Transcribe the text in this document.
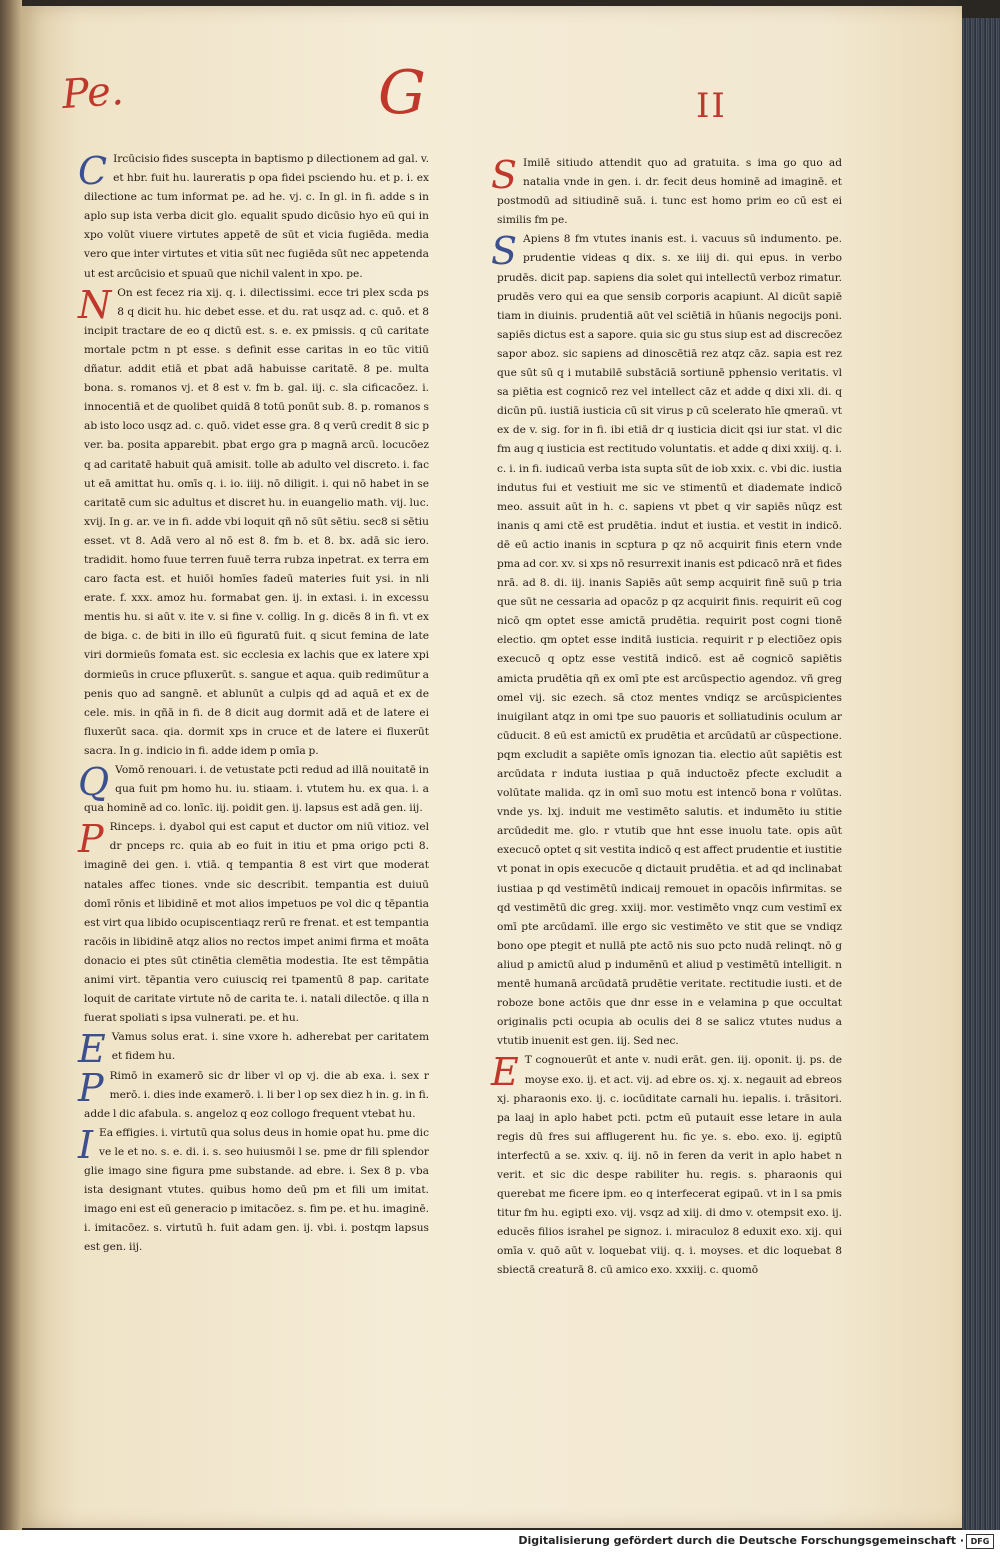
Pe.	G	II

C Ircūcisio fides suscepta in baptismo p dilectionem ad gal. v. et hbr. fuit hu. laureratis p opa fidei psciendo hu. et p. i. ex dilectione ac tum informat pe. ad he. vj. c. In gl. in fi. adde s in aplo sup ista verba dicit glo. equalit spudo dicūsio hyo eū qui in xpo volūt viuere virtutes appetē de sūt et vicia fugiēda. media vero que inter virtutes et vitia sūt nec fugiēda sūt nec appetenda ut est arcūcisio et spuaū que nichil valent in xpo. pe.

N On est fecez ria xij. q. i. dilectissimi. ecce tri plex scda ps 8 q dicit hu. hic debet esse. et du. rat usqz ad. c. quō. et 8 incipit tractare de eo q dictū est. s. e. ex pmissis. q cū caritate mortale pctm n pt esse. s definit esse caritas in eo tūc vitiū dñatur. addit etiā et pbat adā habuisse caritatē. 8 pe. multa bona. s. romanos vj. et 8 est v. fm b. gal. iij. c. sla cificacōez. i. innocentiā et de quolibet quidā 8 totū ponūt sub. 8. p. romanos s ab isto loco usqz ad. c. quō. videt esse gra. 8 q verū credit 8 sic p ver. ba. posita apparebit. pbat ergo gra p magnā arcū. locucōez q ad caritatē habuit quā amisit. tolle ab adulto vel discreto. i. fac ut eā amittat hu. omīs q. i. io. iiij. nō diligit. i. qui nō habet in se caritatē cum sic adultus et discret hu. in euangelio math. vij. luc. xvij. In g. ar. ve in fi. adde vbi loquit qñ nō sūt sētiu. sec8 si sētiu esset. vt 8. Adā vero al nō est 8. fm b. et 8. bx. adā sic iero. tradidit. homo fuue terren fuuē terra rubza inpetrat. ex terra em caro facta est. et huiōi homīes fadeū materies fuit ysi. in nli erate. f. xxx. amoz hu. formabat gen. ij. in extasi. i. in excessu mentis hu. si aūt v. ite v. si fine v. collig. In g. dicēs 8 in fi. vt ex de biga. c. de biti in illo eū figuratū fuit. q sicut femina de late viri dormieūs fomata est. sic ecclesia ex lachis que ex latere xpi dormieūs in cruce pfluxerūt. s. sangue et aqua. quib redimūtur a penis quo ad sangnē. et ablunūt a culpis qd ad aquā et ex de cele. mis. in qñā in fi. de 8 dicit aug dormit adā et de latere ei fluxerūt saca. qia. dormit xps in cruce et de latere ei fluxerūt sacra. In g. indicio in fi. adde idem p omīa p.

Q Vomō renouari. i. de vetustate pcti redud ad illā nouitatē in qua fuit pm homo hu. iu. stiaam. i. vtutem hu. ex qua. i. a qua hominē ad co. lonīc. iij. poidit gen. ij. lapsus est adā gen. iij.

P Rinceps. i. dyabol qui est caput et ductor om niū vitioz. vel dr pnceps rc. quia ab eo fuit in itiu et pma origo pcti 8. imaginē dei gen. i. vtiā. q tempantia 8 est virt que moderat natales affec tiones. vnde sic describit. tempantia est duiuū domī rōnis et libidinē et mot alios impetuos pe vol dic q tēpantia est virt qua libido ocupiscentiaqz rerū re frenat. et est tempantia racōis in libidinē atqz alios no rectos impet animi firma et moāta donacio ei ptes sūt ctinētia clemētia modestia. Ite est tēmpātia animi virt. tēpantia vero cuiusciq rei tpamentū 8 pap. caritate loquit de caritate virtute nō de carita te. i. natali dilectōe. q illa n fuerat spoliati s ipsa vulnerati. pe. et hu.

E Vamus solus erat. i. sine vxore h. adherebat per caritatem et fidem hu.

P Rimō in examerō sic dr liber vl op vj. die ab exa. i. sex r merō. i. dies inde examerō. i. li ber l op sex diez h in. g. in fi. adde l dic afabula. s. angeloz q eoz collogo frequent vtebat hu.

I Ea effigies. i. virtutū qua solus deus in homie opat hu. pme dic ve le et no. s. e. di. i. s. seo huiusmōi l se. pme dr fili splendor glie imago sine figura pme substande. ad ebre. i. Sex 8 p. vba ista designant vtutes. quibus homo deū pm et fili um imitat. imago eni est eū generacio p imitacōez. s. fim pe. et hu. imaginē. i. imitacōez. s. virtutū h. fuit adam gen. ij. vbi. i. postqm lapsus est gen. iij.

S Imilē sitiudo attendit quo ad gratuita. s ima go quo ad natalia vnde in gen. i. dr. fecit deus hominē ad imaginē. et postmodū ad sitiudinē suā. i. tunc est homo prim eo cū est ei similis fm pe.

S Apiens 8 fm vtutes inanis est. i. vacuus sū indumento. pe. prudentie videas q dix. s. xe iiij di. qui epus. in verbo prudēs. dicit pap. sapiens dia solet qui intellectū verboz rimatur. prudēs vero qui ea que sensib corporis acapiunt. Al dicūt sapiē tiam in diuinis. prudentiā aūt vel sciētiā in hūanis negocijs poni. sapiēs dictus est a sapore. quia sic gu stus siup est ad discrecōez sapor aboz. sic sapiens ad dinoscētiā rez atqz cāz. sapia est rez que sūt sū q i mutabilē substāciā sortiunē pphensio veritatis. vl sa piētia est cognicō rez vel intellect cāz et adde q dixi xli. di. q dicūn pū. iustiā iusticia cū sit virus p cū scelerato hīe qmeraū. vt ex de v. sig. for in fi. ibi etiā dr q iusticia dicit qsi iur stat. vl dic fm aug q iusticia est rectitudo voluntatis. et adde q dixi xxiij. q. i. c. i. in fi. iudicaū verba ista supta sūt de iob xxix. c. vbi dic. iustia indutus fui et vestiuit me sic ve stimentū et diademate indicō meo. assuit aūt in h. c. sapiens vt pbet q vir sapiēs nūqz est inanis q ami ctē est prudētia. indut et iustia. et vestit in indicō. dē eū actio inanis in scptura p qz nō acquirit finis etern vnde pma ad cor. xv. si xps nō resurrexit inanis est pdicacō nrā et fides nrā. ad 8. di. iij. inanis Sapiēs aūt semp acquirit finē suū p tria que sūt ne cessaria ad opacōz p qz acquirit finis. requirit eū cog nicō qm optet esse amictā prudētia. requirit post cogni tionē electio. qm optet esse inditā iusticia. requirit r p electiōez opis execucō q optz esse vestitā indicō. est aē cognicō sapiētis amicta prudētia qñ ex omī pte est arcūspectio agendoz. vñ greg omel vij. sic ezech. sā ctoz mentes vndiqz se arcūspicientes inuigilant atqz in omi tpe suo pauoris et solliatudinis oculum ar cūducit. 8 eū est amictū ex prudētia et arcūdatū ar cūspectione. pqm excludit a sapiēte omīs ignozan tia. electio aūt sapiētis est arcūdata r induta iustiaa p quā inductoēz pfecte excludit a volūtate malida. qz in omī suo motu est intencō bona r volūtas. vnde ys. lxj. induit me vestimēto salutis. et indumēto iu stitie arcūdedit me. glo. r vtutib que hnt esse inuolu tate. opis aūt execucō optet q sit vestita indicō q est affect prudentie et iustitie vt ponat in opis execucōe q dictauit prudētia. et ad qd inclinabat iustiaa p qd vestimētū indicaij remouet in opacōis infirmitas. se qd vestimētū dic greg. xxiij. mor. vestimēto vnqz cum vestimī ex omī pte arcūdamī. ille ergo sic vestimēto ve stit que se vndiqz bono ope ptegit et nullā pte actō nis suo pcto nudā relinqt. nō g aliud p amictū alud p indumēnū et aliud p vestimētū intelligit. n mentē humanā arcūdatā prudētie veritate. rectitudie iusti. et de roboze bone actōis que dnr esse in e velamina p que occultat originalis pcti ocupia ab oculis dei 8 se salicz vtutes nudus a vtutib inuenit est gen. iij. Sed nec.

E T cognouerūt et ante v. nudi erāt. gen. iij. oponit. ij. ps. de moyse exo. ij. et act. vij. ad ebre os. xj. x. negauit ad ebreos xj. pharaonis exo. ij. c. iocūditate carnali hu. iepalis. i. trāsitori. pa laaj in aplo habet pcti. pctm eū putauit esse letare in aula regis dū fres sui afflugerent hu. fic ye. s. ebo. exo. ij. egiptū interfectū a se. xxiv. q. iij. nō in feren da verit in aplo habet n verit. et sic dic despe rabiliter hu. regis. s. pharaonis qui querebat me ficere ipm. eo q interfecerat egipaū. vt in l sa pmis titur fm hu. egipti exo. vij. vsqz ad xiij. di dmo v. otempsit exo. ij. educēs filios israhel pe signoz. i. miraculoz 8 eduxit exo. xij. qui omīa v. quō aūt v. loquebat viij. q. i. moyses. et dic loquebat 8 sbiectā creaturā 8. cū amico exo. xxxiij. c. quomō

Digitalisierung gefördert durch die Deutsche Forschungsgemeinschaft · DFG
